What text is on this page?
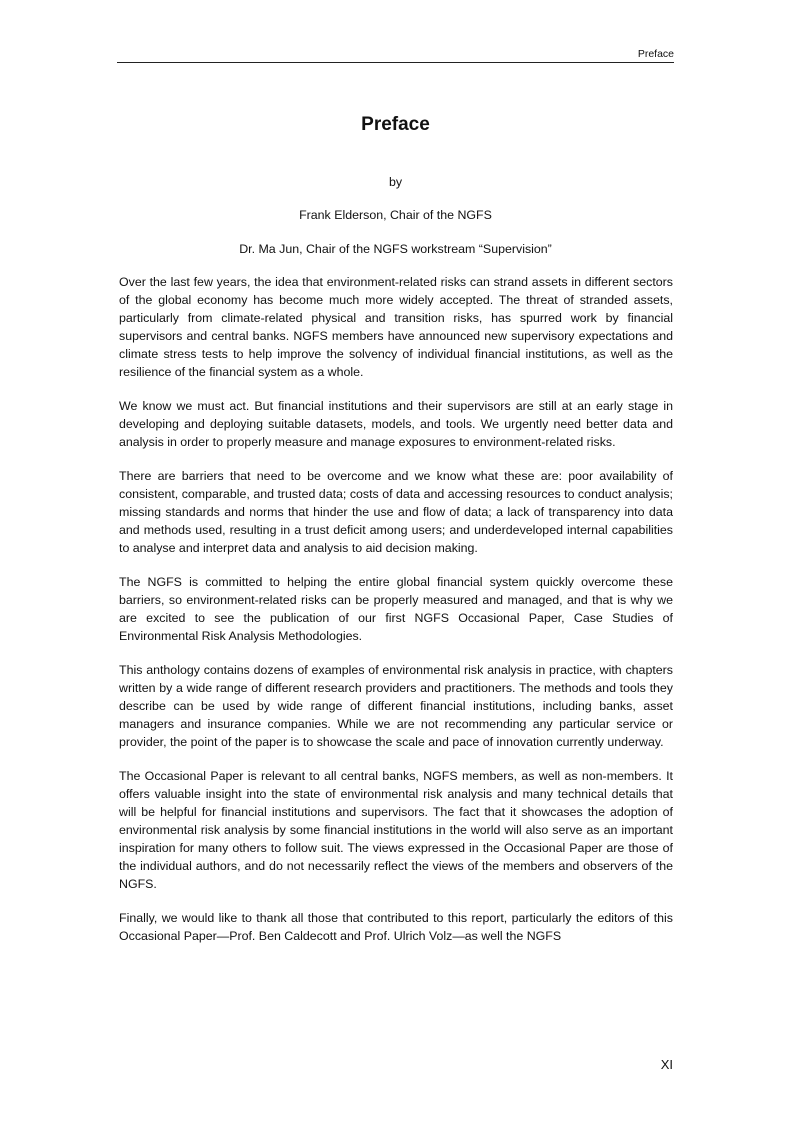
Preface
Preface
by
Frank Elderson, Chair of the NGFS
Dr. Ma Jun, Chair of the NGFS workstream “Supervision”

Over the last few years, the idea that environment-related risks can strand assets in different sectors of the global economy has become much more widely accepted. The threat of stranded assets, particularly from climate-related physical and transition risks, has spurred work by financial supervisors and central banks. NGFS members have announced new supervisory expectations and climate stress tests to help improve the solvency of individual financial institutions, as well as the resilience of the financial system as a whole.

We know we must act. But financial institutions and their supervisors are still at an early stage in developing and deploying suitable datasets, models, and tools. We urgently need better data and analysis in order to properly measure and manage exposures to environment-related risks.

There are barriers that need to be overcome and we know what these are: poor availability of consistent, comparable, and trusted data; costs of data and accessing resources to conduct analysis; missing standards and norms that hinder the use and flow of data; a lack of transparency into data and methods used, resulting in a trust deficit among users; and underdeveloped internal capabilities to analyse and interpret data and analysis to aid decision making.

The NGFS is committed to helping the entire global financial system quickly overcome these barriers, so environment-related risks can be properly measured and managed, and that is why we are excited to see the publication of our first NGFS Occasional Paper, Case Studies of Environmental Risk Analysis Methodologies.

This anthology contains dozens of examples of environmental risk analysis in practice, with chapters written by a wide range of different research providers and practitioners. The methods and tools they describe can be used by wide range of different financial institutions, including banks, asset managers and insurance companies. While we are not recommending any particular service or provider, the point of the paper is to showcase the scale and pace of innovation currently underway.

The Occasional Paper is relevant to all central banks, NGFS members, as well as non-members. It offers valuable insight into the state of environmental risk analysis and many technical details that will be helpful for financial institutions and supervisors. The fact that it showcases the adoption of environmental risk analysis by some financial institutions in the world will also serve as an important inspiration for many others to follow suit. The views expressed in the Occasional Paper are those of the individual authors, and do not necessarily reflect the views of the members and observers of the NGFS.

Finally, we would like to thank all those that contributed to this report, particularly the editors of this Occasional Paper—Prof. Ben Caldecott and Prof. Ulrich Volz—as well the NGFS

XI
